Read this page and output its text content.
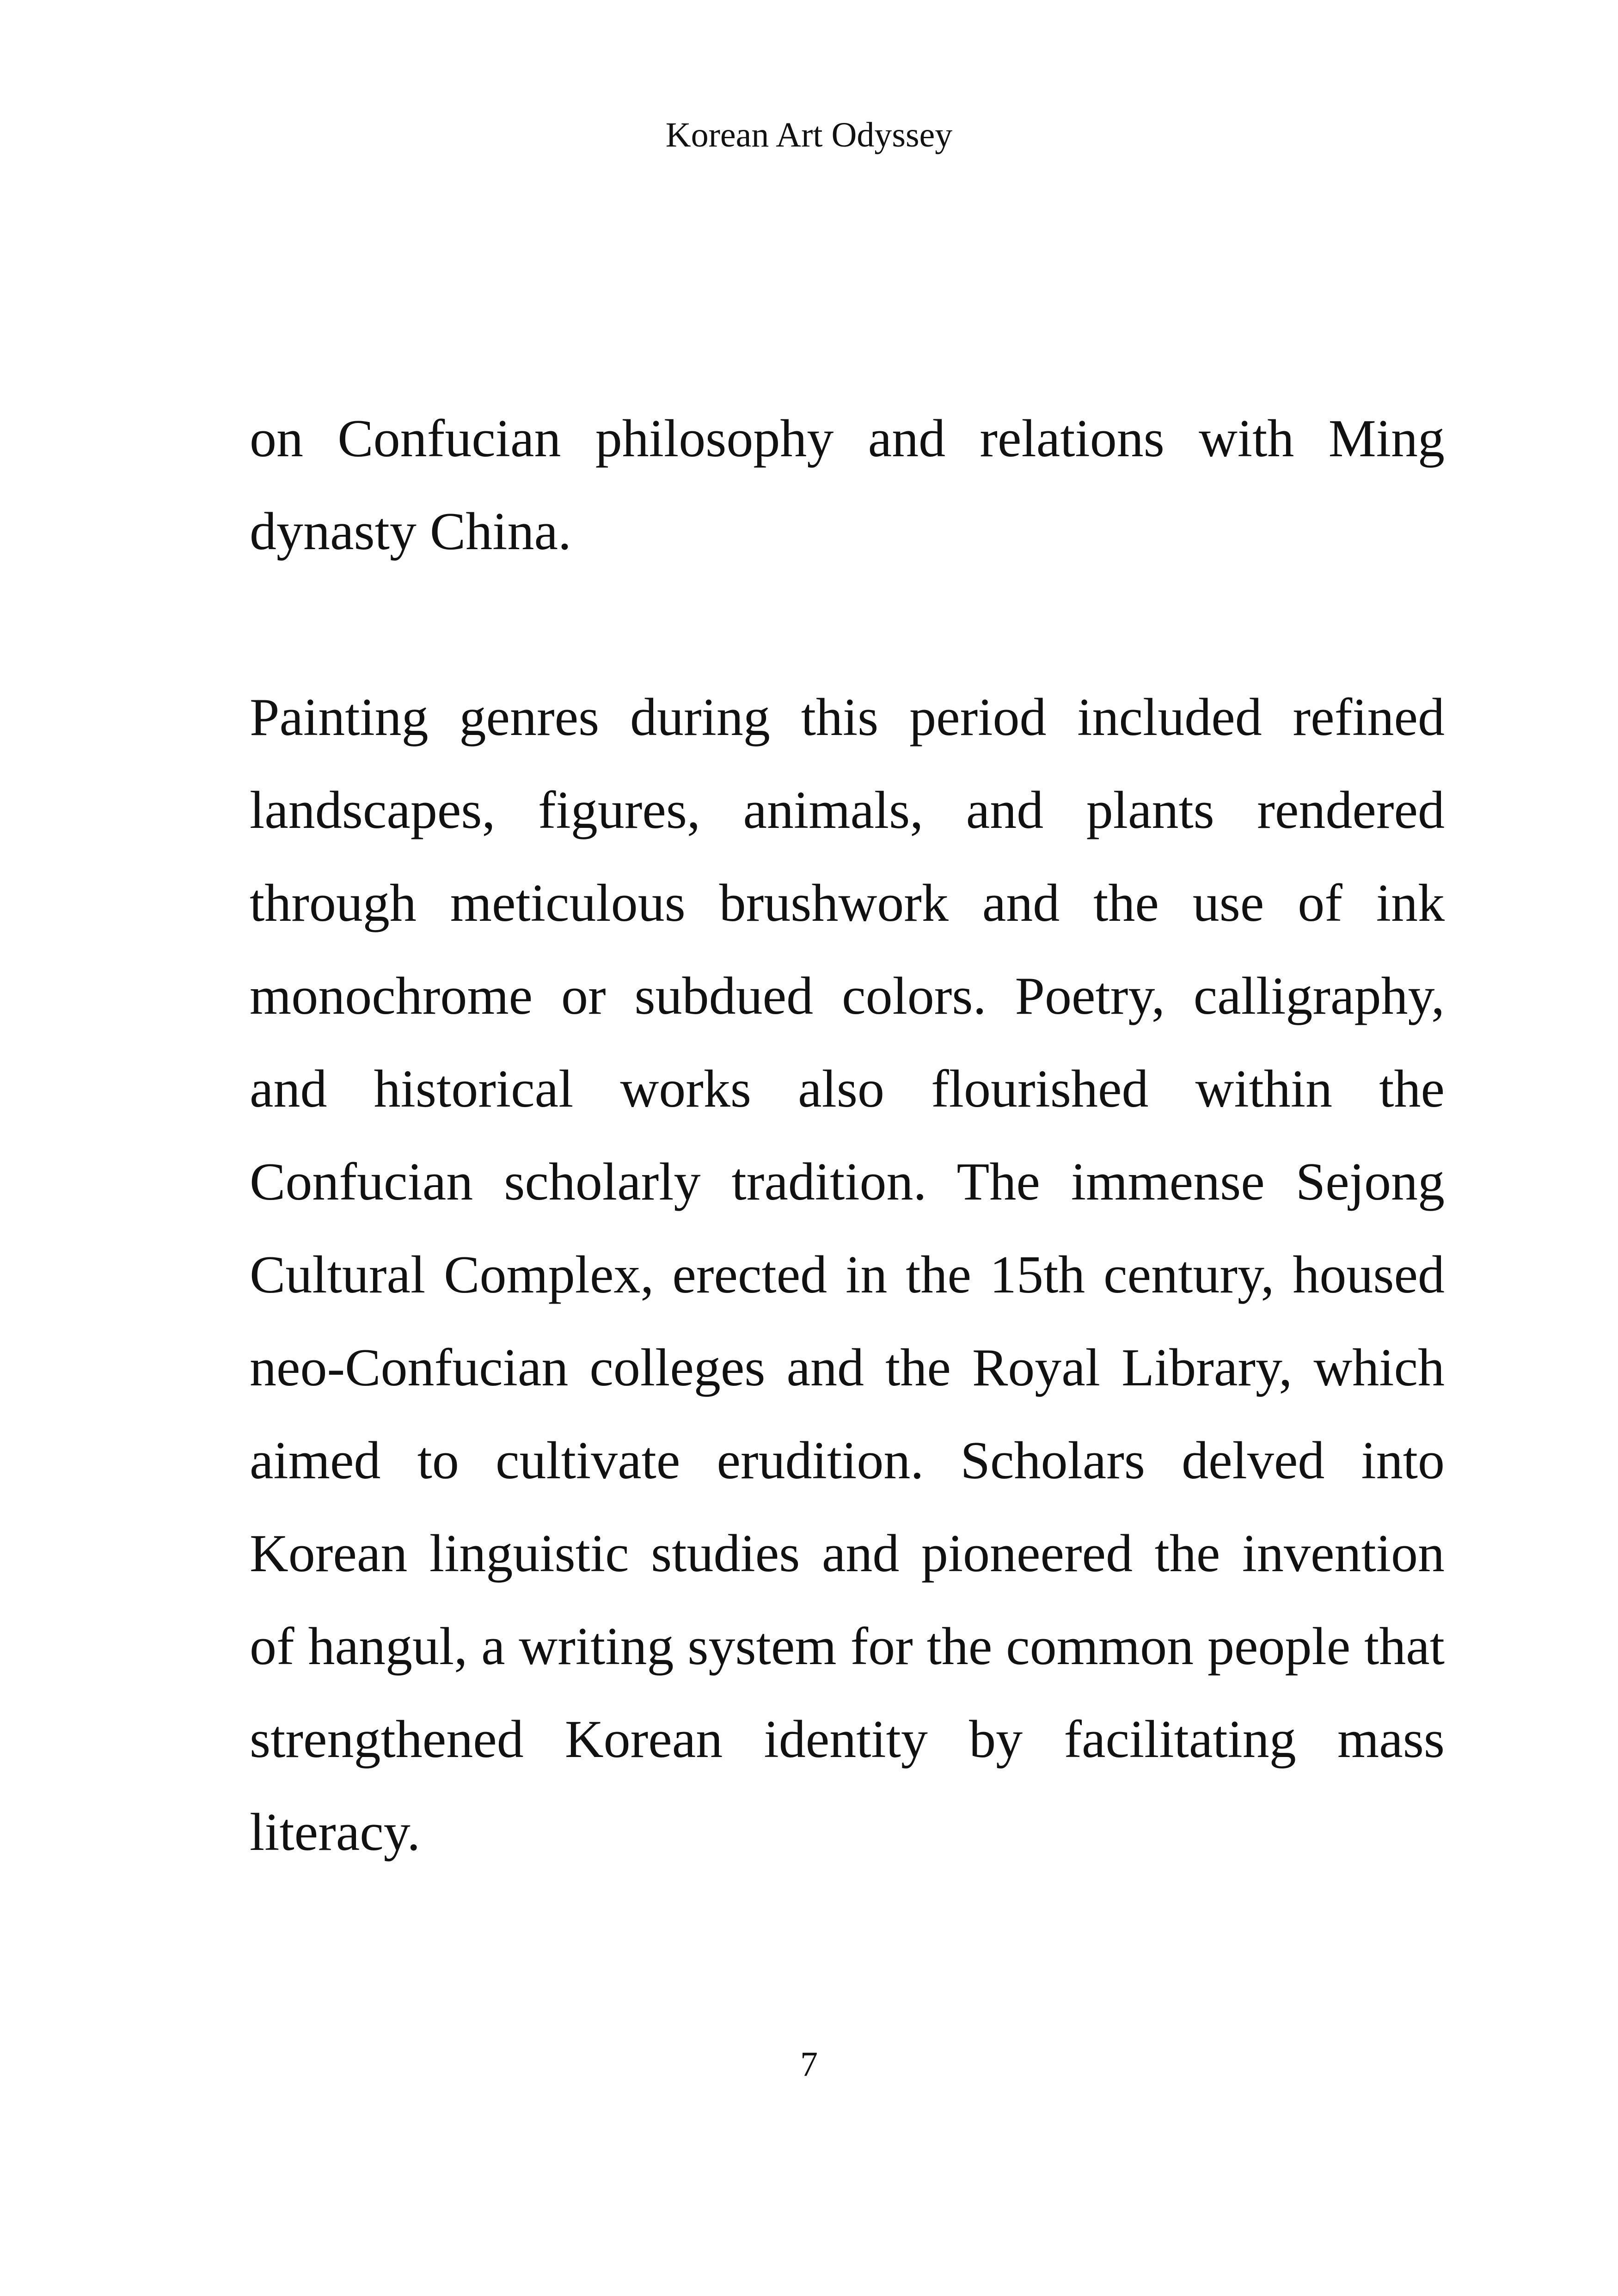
Korean Art Odyssey

on Confucian philosophy and relations with Ming dynasty China.

Painting genres during this period included refined landscapes, figures, animals, and plants rendered through meticulous brushwork and the use of ink monochrome or subdued colors. Poetry, calligraphy, and historical works also flourished within the Confucian scholarly tradition. The immense Sejong Cultural Complex, erected in the 15th century, housed neo-Confucian colleges and the Royal Library, which aimed to cultivate erudition. Scholars delved into Korean linguistic studies and pioneered the invention of hangul, a writing system for the common people that strengthened Korean identity by facilitating mass literacy.

7
